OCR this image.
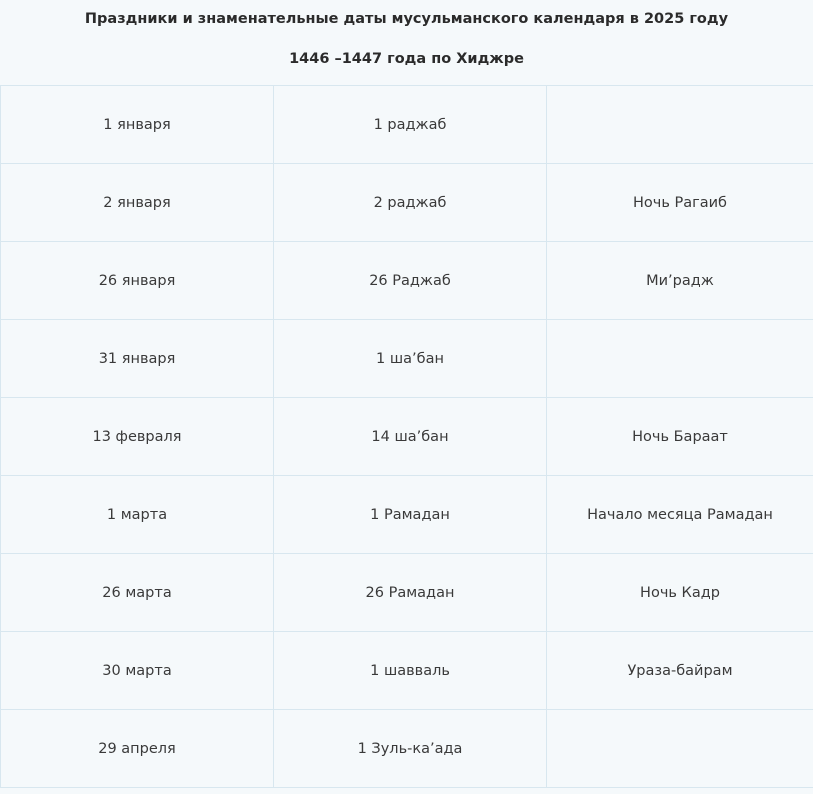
Праздники и знаменательные даты мусульманского календаря в 2025 году
1446 –1447 года по Хиджре
1 января	1 раджаб	
2 января	2 раджаб	Ночь Рагаиб
26 января	26 Раджаб	Ми’радж
31 января	1 ша’бан	
13 февраля	14 ша’бан	Ночь Бараат
1 марта	1 Рамадан	Начало месяца Рамадан
26 марта	26 Рамадан	Ночь Кадр
30 марта	1 шавваль	Ураза-байрам
29 апреля	1 Зуль-ка’ада	
